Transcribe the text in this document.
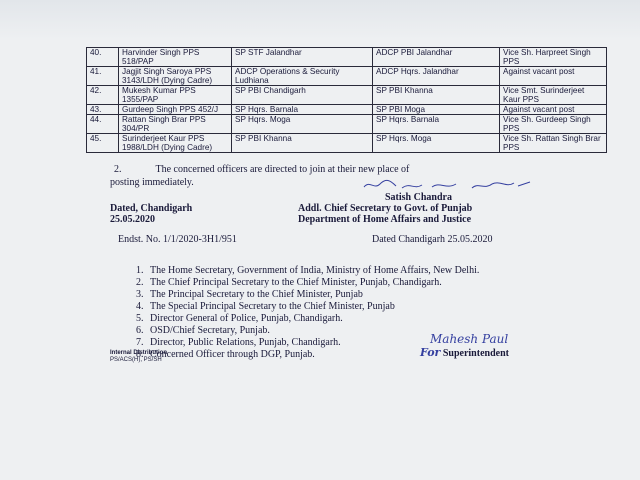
40.	Harvinder Singh PPS 518/PAP	SP STF Jalandhar	ADCP PBI Jalandhar	Vice Sh. Harpreet Singh PPS
41.	Jagjit Singh Saroya PPS 3143/LDH (Dying Cadre)	ADCP Operations & Security Ludhiana	ADCP Hqrs. Jalandhar	Against vacant post
42.	Mukesh Kumar PPS 1355/PAP	SP PBI Chandigarh	SP PBI Khanna	Vice Smt. Surinderjeet Kaur PPS
43.	Gurdeep Singh PPS 452/J	SP Hqrs. Barnala	SP PBI Moga	Against vacant post
44.	Rattan Singh Brar PPS 304/PR	SP Hqrs. Moga	SP Hqrs. Barnala	Vice Sh. Gurdeep Singh PPS
45.	Surinderjeet Kaur PPS 1988/LDH (Dying Cadre)	SP PBI Khanna	SP Hqrs. Moga	Vice Sh. Rattan Singh Brar PPS
2.	The concerned officers are directed to join at their new place of
posting immediately.
Satish Chandra
Dated, Chandigarh	Addl. Chief Secretary to Govt. of Punjab
25.05.2020	Department of Home Affairs and Justice
Endst. No. 1/1/2020-3H1/951	Dated Chandigarh 25.05.2020
1. The Home Secretary, Government of India, Ministry of Home Affairs, New Delhi.
2. The Chief Principal Secretary to the Chief Minister, Punjab, Chandigarh.
3. The Principal Secretary to the Chief Minister, Punjab
4. The Special Principal Secretary to the Chief Minister, Punjab
5. Director General of Police, Punjab, Chandigarh.
6. OSD/Chief Secretary, Punjab.
7. Director, Public Relations, Punjab, Chandigarh.
8. Concerned Officer through DGP, Punjab.
Mahesh Paul
For Superintendent
Internal Distribution
PS/ACS(H), PS/SH
